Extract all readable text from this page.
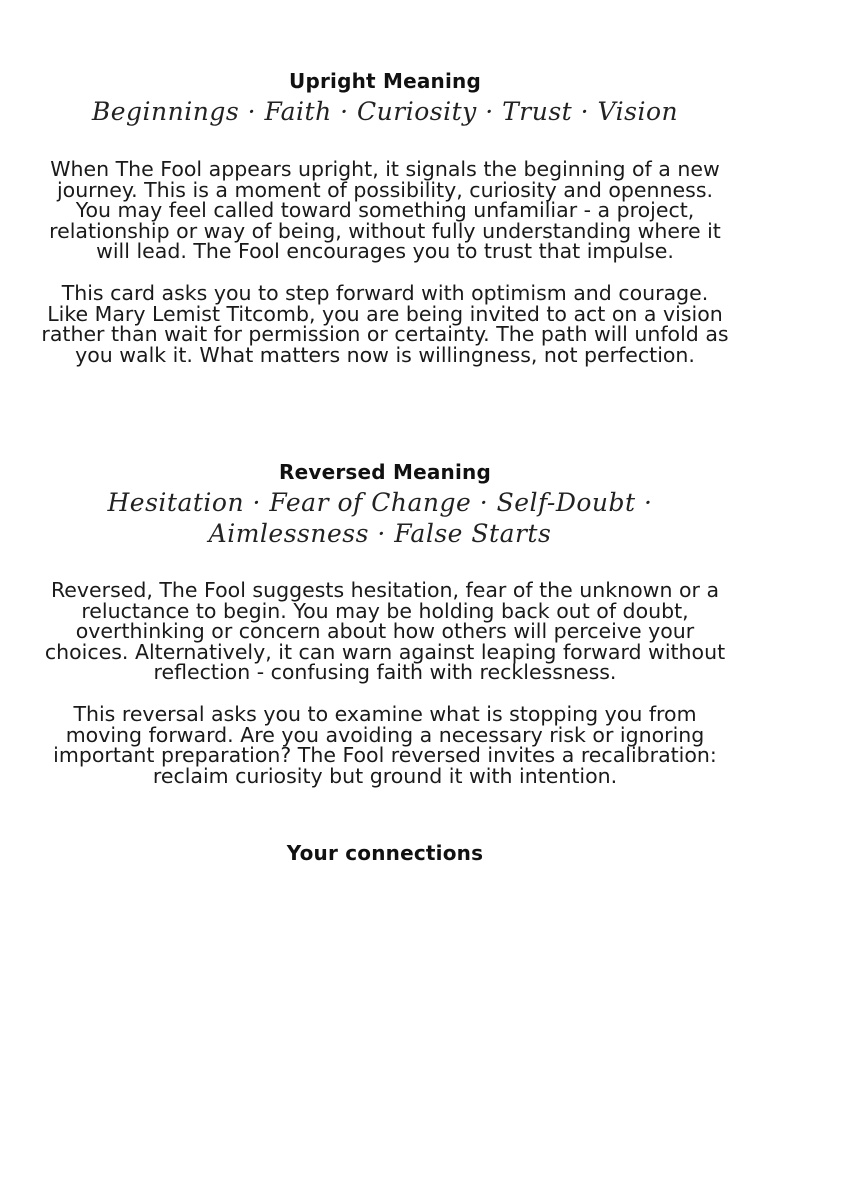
Upright Meaning
Beginnings · Faith · Curiosity · Trust · Vision

When The Fool appears upright, it signals the beginning of a new journey. This is a moment of possibility, curiosity and openness. You may feel called toward something unfamiliar - a project, relationship or way of being, without fully understanding where it will lead. The Fool encourages you to trust that impulse.

This card asks you to step forward with optimism and courage. Like Mary Lemist Titcomb, you are being invited to act on a vision rather than wait for permission or certainty. The path will unfold as you walk it. What matters now is willingness, not perfection.

Reversed Meaning
Hesitation · Fear of Change · Self-Doubt · Aimlessness · False Starts

Reversed, The Fool suggests hesitation, fear of the unknown or a reluctance to begin. You may be holding back out of doubt, overthinking or concern about how others will perceive your choices. Alternatively, it can warn against leaping forward without reflection - confusing faith with recklessness.

This reversal asks you to examine what is stopping you from moving forward. Are you avoiding a necessary risk or ignoring important preparation? The Fool reversed invites a recalibration: reclaim curiosity but ground it with intention.

Your connections
